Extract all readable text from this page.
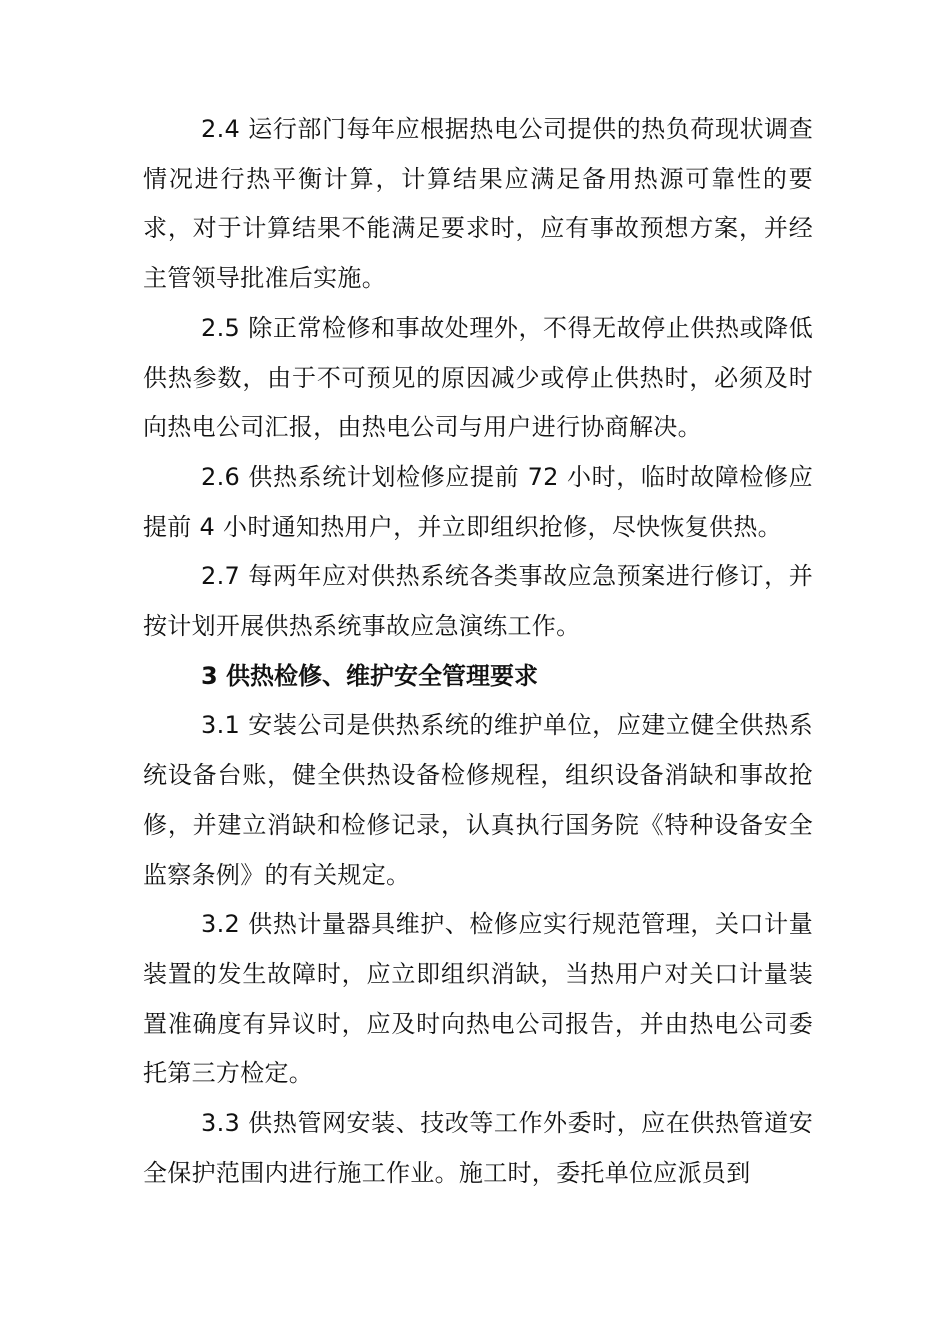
2.4 运行部门每年应根据热电公司提供的热负荷现状调查情况进行热平衡计算，计算结果应满足备用热源可靠性的要求，对于计算结果不能满足要求时，应有事故预想方案，并经主管领导批准后实施。

2.5 除正常检修和事故处理外，不得无故停止供热或降低供热参数，由于不可预见的原因减少或停止供热时，必须及时向热电公司汇报，由热电公司与用户进行协商解决。

2.6 供热系统计划检修应提前 72 小时，临时故障检修应提前 4 小时通知热用户，并立即组织抢修，尽快恢复供热。

2.7 每两年应对供热系统各类事故应急预案进行修订，并按计划开展供热系统事故应急演练工作。

3 供热检修、维护安全管理要求

3.1 安装公司是供热系统的维护单位，应建立健全供热系统设备台账，健全供热设备检修规程，组织设备消缺和事故抢修，并建立消缺和检修记录，认真执行国务院《特种设备安全监察条例》的有关规定。

3.2 供热计量器具维护、检修应实行规范管理，关口计量装置的发生故障时，应立即组织消缺，当热用户对关口计量装置准确度有异议时，应及时向热电公司报告，并由热电公司委托第三方检定。

3.3 供热管网安装、技改等工作外委时，应在供热管道安全保护范围内进行施工作业。施工时，委托单位应派员到
